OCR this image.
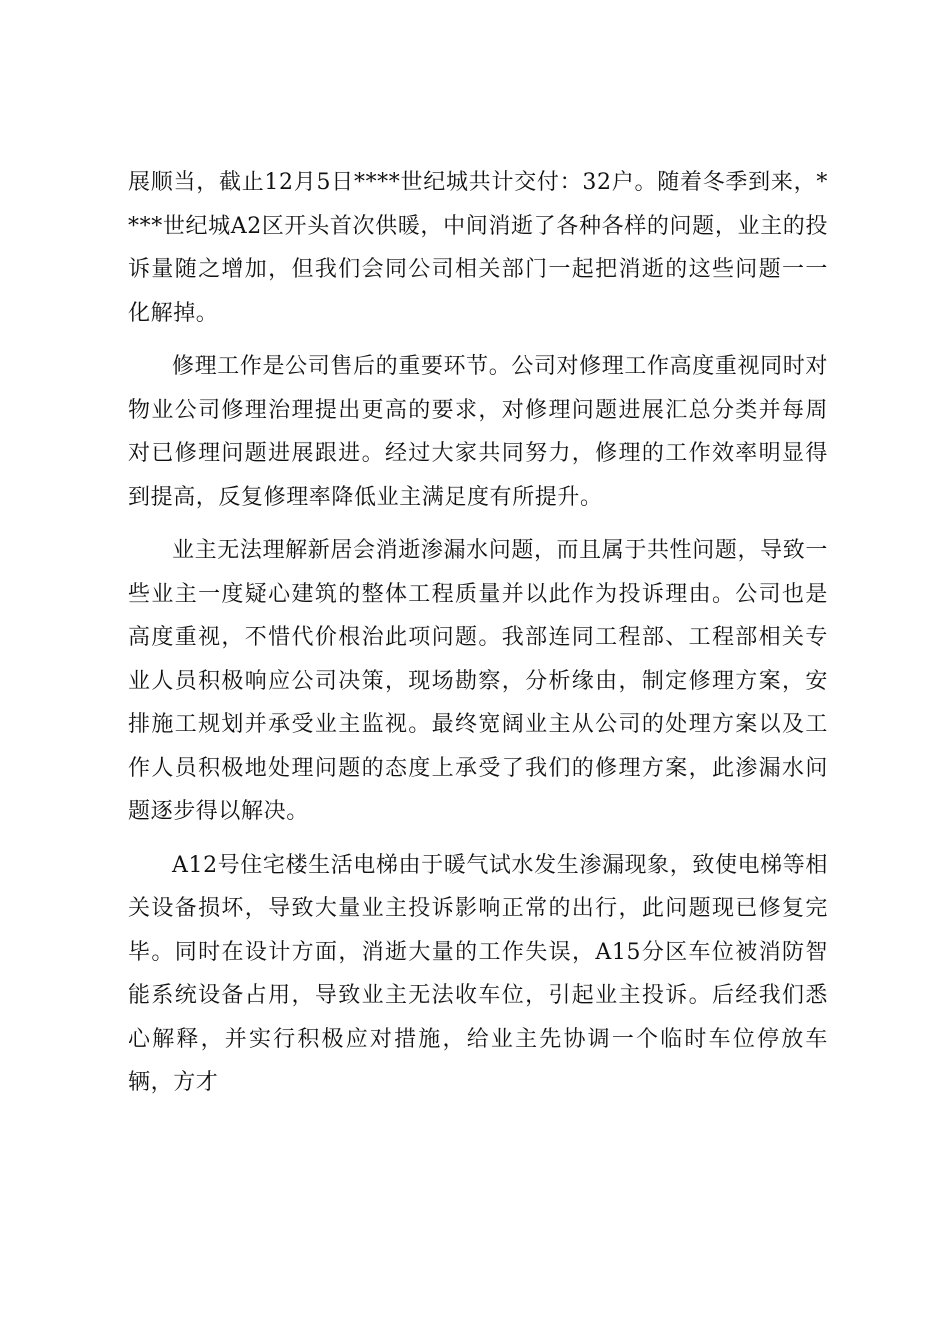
展顺当，截止12月5日****世纪城共计交付：32户。随着冬季到来，****世纪城A2区开头首次供暖，中间消逝了各种各样的问题，业主的投诉量随之增加，但我们会同公司相关部门一起把消逝的这些问题一一化解掉。

修理工作是公司售后的重要环节。公司对修理工作高度重视同时对物业公司修理治理提出更高的要求，对修理问题进展汇总分类并每周对已修理问题进展跟进。经过大家共同努力，修理的工作效率明显得到提高，反复修理率降低业主满足度有所提升。

业主无法理解新居会消逝渗漏水问题，而且属于共性问题，导致一些业主一度疑心建筑的整体工程质量并以此作为投诉理由。公司也是高度重视，不惜代价根治此项问题。我部连同工程部、工程部相关专业人员积极响应公司决策，现场勘察，分析缘由，制定修理方案，安排施工规划并承受业主监视。最终宽阔业主从公司的处理方案以及工作人员积极地处理问题的态度上承受了我们的修理方案，此渗漏水问题逐步得以解决。

A12号住宅楼生活电梯由于暖气试水发生渗漏现象，致使电梯等相关设备损坏，导致大量业主投诉影响正常的出行，此问题现已修复完毕。同时在设计方面，消逝大量的工作失误，A15分区车位被消防智能系统设备占用，导致业主无法收车位，引起业主投诉。后经我们悉心解释，并实行积极应对措施，给业主先协调一个临时车位停放车辆，方才
